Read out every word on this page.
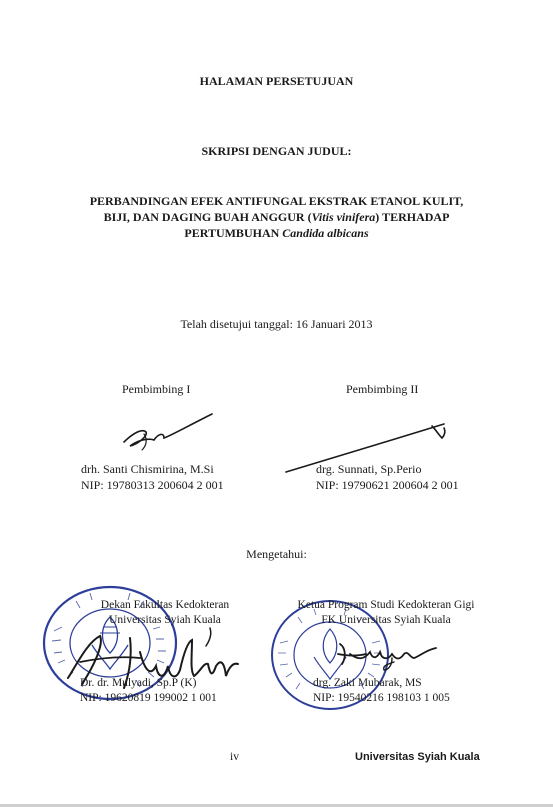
HALAMAN PERSETUJUAN
SKRIPSI DENGAN JUDUL:
PERBANDINGAN EFEK ANTIFUNGAL EKSTRAK ETANOL KULIT,
BIJI, DAN DAGING BUAH ANGGUR (Vitis vinifera) TERHADAP
PERTUMBUHAN Candida albicans
Telah disetujui tanggal: 16 Januari 2013
Pembimbing I	Pembimbing II
drh. Santi Chismirina, M.Si
NIP: 19780313 200604 2 001
drg. Sunnati, Sp.Perio
NIP: 19790621 200604 2 001
Mengetahui:
Dekan Fakultas Kedokteran
Universitas Syiah Kuala
Ketua Program Studi Kedokteran Gigi
FK Universitas Syiah Kuala
Dr. dr. Mulyadi, Sp.P (K)
NIP: 19620819 199002 1 001
drg. Zaki Mubarak, MS
NIP: 19540216 198103 1 005
iv	Universitas Syiah Kuala
